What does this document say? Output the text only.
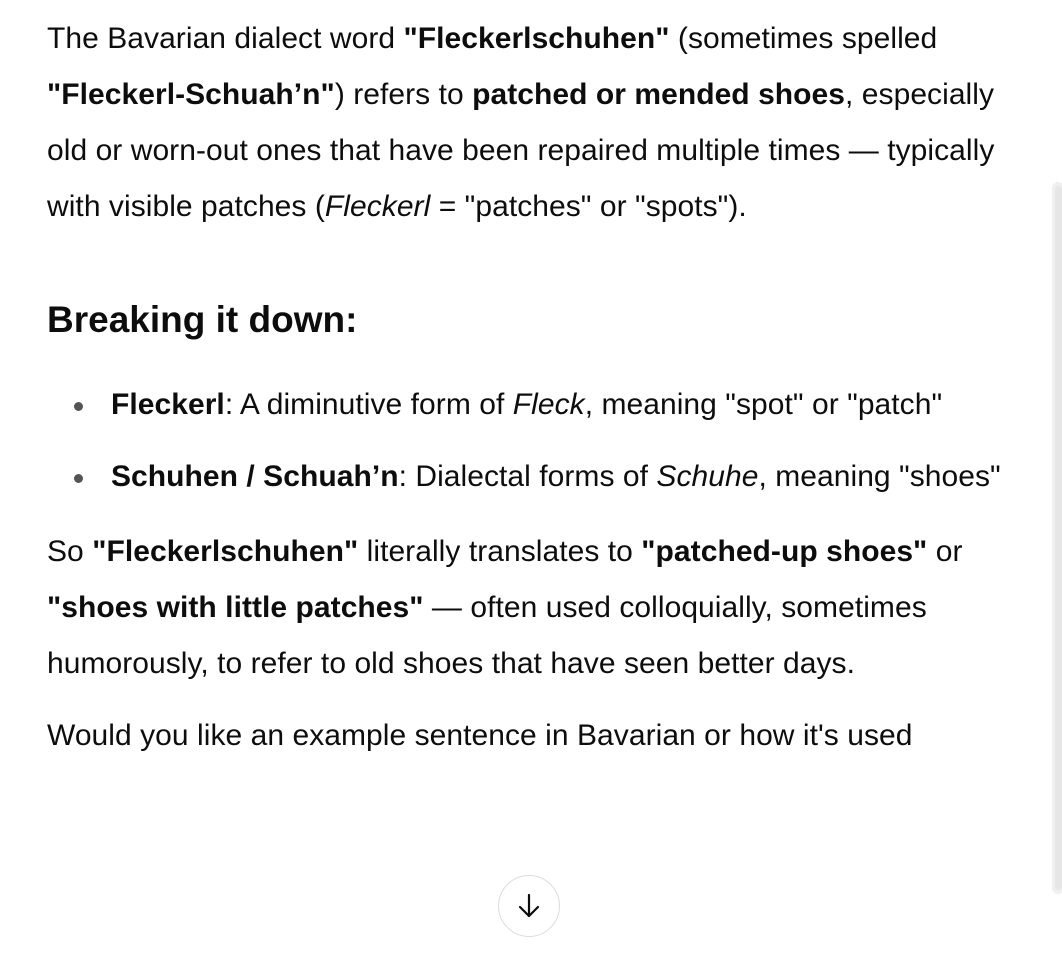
The Bavarian dialect word "Fleckerlschuhen" (sometimes spelled "Fleckerl-Schuah’n") refers to patched or mended shoes, especially old or worn-out ones that have been repaired multiple times — typically with visible patches (Fleckerl = "patches" or "spots").

Breaking it down:
Fleckerl: A diminutive form of Fleck, meaning "spot" or "patch"
Schuhen / Schuah’n: Dialectal forms of Schuhe, meaning "shoes"

So "Fleckerlschuhen" literally translates to "patched-up shoes" or "shoes with little patches" — often used colloquially, sometimes humorously, to refer to old shoes that have seen better days.

Would you like an example sentence in Bavarian or how it's used
